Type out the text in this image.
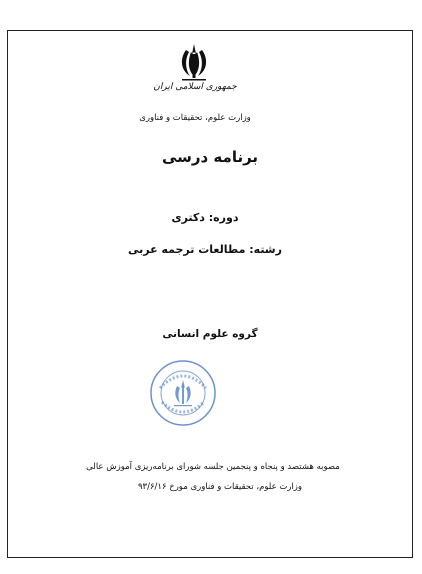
جمهوری اسلامی ایران
وزارت علوم، تحقیقات و فناوری
برنامه درسی
دوره: دکتری
رشته: مطالعات ترجمه عربی
گروه علوم انسانی
مصوبه هشتصد و پنجاه و پنجمین جلسه شورای برنامه‌ریزی آموزش عالی
وزارت علوم، تحقیقات و فناوری مورخ ۹۳/۶/۱۶
